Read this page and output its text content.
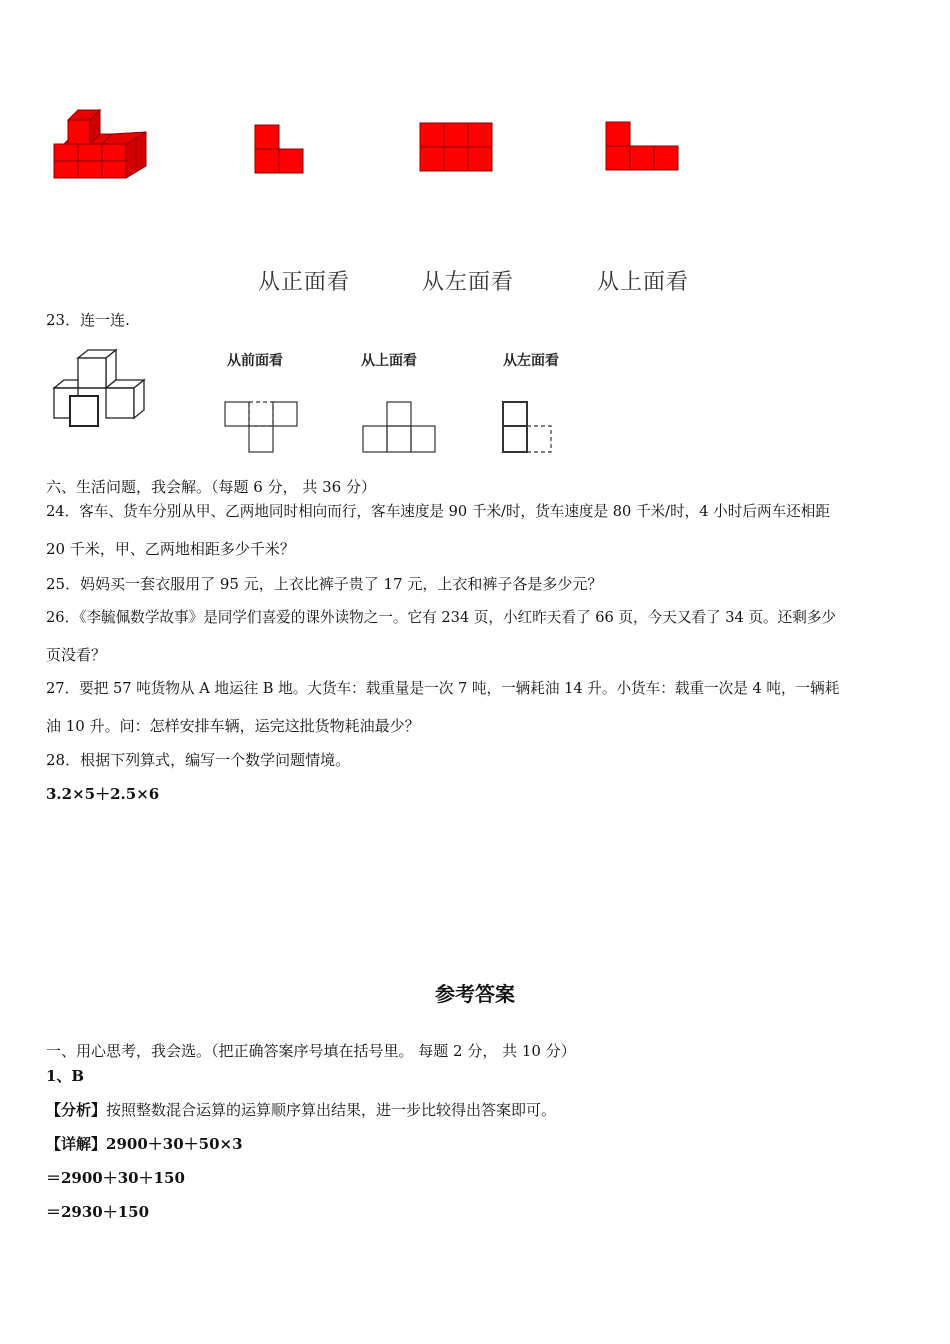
从正面看	从左面看	从上面看
23．连一连.
从前面看	从上面看	从左面看
六、生活问题，我会解。（每题 6 分， 共 36 分）
24．客车、货车分别从甲、乙两地同时相向而行，客车速度是 90 千米/时，货车速度是 80 千米/时，4 小时后两车还相距
20 千米，甲、乙两地相距多少千米？
25．妈妈买一套衣服用了 95 元，上衣比裤子贵了 17 元，上衣和裤子各是多少元？
26．《李毓佩数学故事》是同学们喜爱的课外读物之一。它有 234 页，小红昨天看了 66 页，今天又看了 34 页。还剩多少
页没看？
27．要把 57 吨货物从 A 地运往 B 地。大货车：载重量是一次 7 吨，一辆耗油 14 升。小货车：载重一次是 4 吨，一辆耗
油 10 升。问：怎样安排车辆，运完这批货物耗油最少？
28．根据下列算式，编写一个数学问题情境。
3.2×5＋2.5×6
参考答案
一、用心思考，我会选。（把正确答案序号填在括号里。 每题 2 分， 共 10 分）
1、B
【分析】按照整数混合运算的运算顺序算出结果，进一步比较得出答案即可。
【详解】2900＋30＋50×3
＝2900＋30＋150
＝2930＋150
